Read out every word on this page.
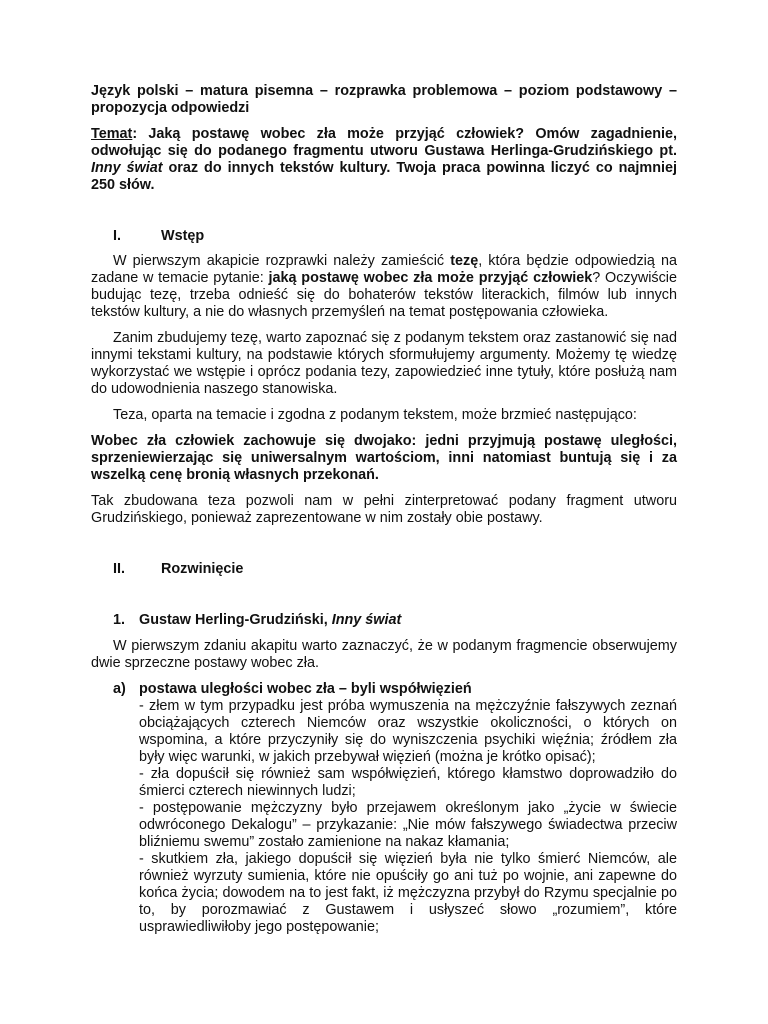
Język polski – matura pisemna – rozprawka problemowa – poziom podstawowy – propozycja odpowiedzi

Temat: Jaką postawę wobec zła może przyjąć człowiek? Omów zagadnienie, odwołując się do podanego fragmentu utworu Gustawa Herlinga-Grudzińskiego pt. Inny świat oraz do innych tekstów kultury. Twoja praca powinna liczyć co najmniej 250 słów.

I.	Wstęp

W pierwszym akapicie rozprawki należy zamieścić tezę, która będzie odpowiedzią na zadane w temacie pytanie: jaką postawę wobec zła może przyjąć człowiek? Oczywiście budując tezę, trzeba odnieść się do bohaterów tekstów literackich, filmów lub innych tekstów kultury, a nie do własnych przemyśleń na temat postępowania człowieka.

Zanim zbudujemy tezę, warto zapoznać się z podanym tekstem oraz zastanowić się nad innymi tekstami kultury, na podstawie których sformułujemy argumenty. Możemy tę wiedzę wykorzystać we wstępie i oprócz podania tezy, zapowiedzieć inne tytuły, które posłużą nam do udowodnienia naszego stanowiska.

Teza, oparta na temacie i zgodna z podanym tekstem, może brzmieć następująco:

Wobec zła człowiek zachowuje się dwojako: jedni przyjmują postawę uległości, sprzeniewierzając się uniwersalnym wartościom, inni natomiast buntują się i za wszelką cenę bronią własnych przekonań.

Tak zbudowana teza pozwoli nam w pełni zinterpretować podany fragment utworu Grudzińskiego, ponieważ zaprezentowane w nim zostały obie postawy.

II.	Rozwinięcie
1. Gustaw Herling-Grudziński, Inny świat

W pierwszym zdaniu akapitu warto zaznaczyć, że w podanym fragmencie obserwujemy dwie sprzeczne postawy wobec zła.

a) postawa uległości wobec zła – byli współwięzień

- złem w tym przypadku jest próba wymuszenia na mężczyźnie fałszywych zeznań obciążających czterech Niemców oraz wszystkie okoliczności, o których on wspomina, a które przyczyniły się do wyniszczenia psychiki więźnia; źródłem zła były więc warunki, w jakich przebywał więzień (można je krótko opisać);

- zła dopuścił się również sam współwięzień, którego kłamstwo doprowadziło do śmierci czterech niewinnych ludzi;

- postępowanie mężczyzny było przejawem określonym jako „życie w świecie odwróconego Dekalogu” – przykazanie: „Nie mów fałszywego świadectwa przeciw bliźniemu swemu” zostało zamienione na nakaz kłamania;

- skutkiem zła, jakiego dopuścił się więzień była nie tylko śmierć Niemców, ale również wyrzuty sumienia, które nie opuściły go ani tuż po wojnie, ani zapewne do końca życia; dowodem na to jest fakt, iż mężczyzna przybył do Rzymu specjalnie po to, by porozmawiać z Gustawem i usłyszeć słowo „rozumiem”, które usprawiedliwiłoby jego postępowanie;
